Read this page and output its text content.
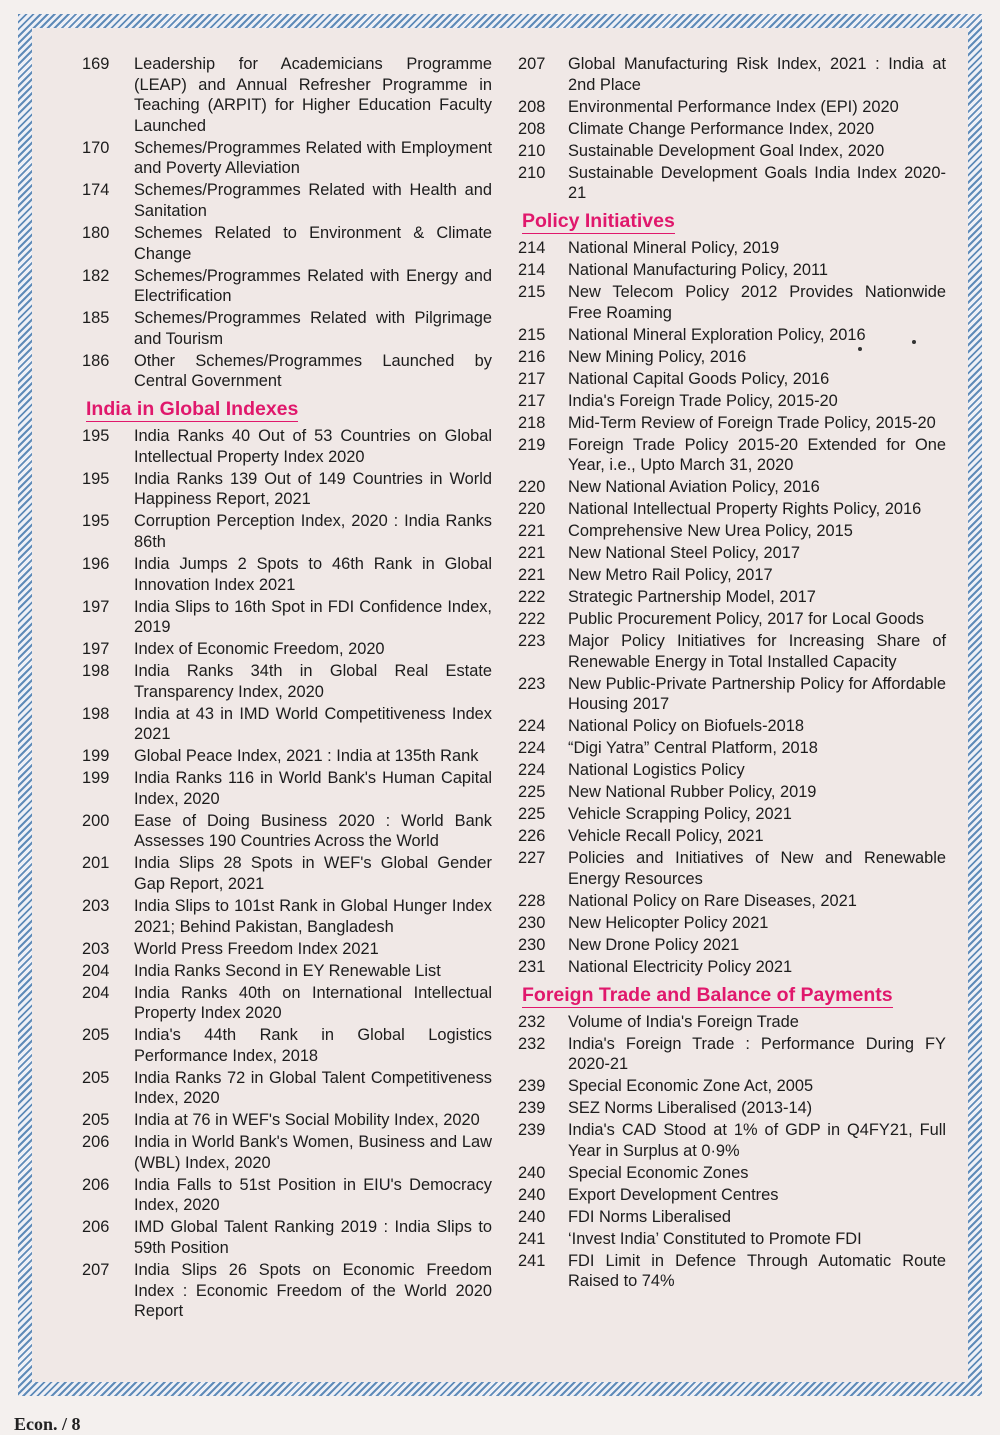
169	Leadership for Academicians Programme (LEAP) and Annual Refresher Programme in Teaching (ARPIT) for Higher Education Faculty Launched
170	Schemes/Programmes Related with Employment and Poverty Alleviation
174	Schemes/Programmes Related with Health and Sanitation
180	Schemes Related to Environment & Climate Change
182	Schemes/Programmes Related with Energy and Electrification
185	Schemes/Programmes Related with Pilgrimage and Tourism
186	Other Schemes/Programmes Launched by Central Government
India in Global Indexes
195	India Ranks 40 Out of 53 Countries on Global Intellectual Property Index 2020
195	India Ranks 139 Out of 149 Countries in World Happiness Report, 2021
195	Corruption Perception Index, 2020 : India Ranks 86th
196	India Jumps 2 Spots to 46th Rank in Global Innovation Index 2021
197	India Slips to 16th Spot in FDI Confidence Index, 2019
197	Index of Economic Freedom, 2020
198	India Ranks 34th in Global Real Estate Transparency Index, 2020
198	India at 43 in IMD World Competitiveness Index 2021
199	Global Peace Index, 2021 : India at 135th Rank
199	India Ranks 116 in World Bank's Human Capital Index, 2020
200	Ease of Doing Business 2020 : World Bank Assesses 190 Countries Across the World
201	India Slips 28 Spots in WEF's Global Gender Gap Report, 2021
203	India Slips to 101st Rank in Global Hunger Index 2021; Behind Pakistan, Bangladesh
203	World Press Freedom Index 2021
204	India Ranks Second in EY Renewable List
204	India Ranks 40th on International Intellectual Property Index 2020
205	India's 44th Rank in Global Logistics Performance Index, 2018
205	India Ranks 72 in Global Talent Competitiveness Index, 2020
205	India at 76 in WEF's Social Mobility Index, 2020
206	India in World Bank's Women, Business and Law (WBL) Index, 2020
206	India Falls to 51st Position in EIU's Democracy Index, 2020
206	IMD Global Talent Ranking 2019 : India Slips to 59th Position
207	India Slips 26 Spots on Economic Freedom Index : Economic Freedom of the World 2020 Report
207	Global Manufacturing Risk Index, 2021 : India at 2nd Place
208	Environmental Performance Index (EPI) 2020
208	Climate Change Performance Index, 2020
210	Sustainable Development Goal Index, 2020
210	Sustainable Development Goals India Index 2020-21
Policy Initiatives
214	National Mineral Policy, 2019
214	National Manufacturing Policy, 2011
215	New Telecom Policy 2012 Provides Nationwide Free Roaming
215	National Mineral Exploration Policy, 2016
216	New Mining Policy, 2016
217	National Capital Goods Policy, 2016
217	India's Foreign Trade Policy, 2015-20
218	Mid-Term Review of Foreign Trade Policy, 2015-20
219	Foreign Trade Policy 2015-20 Extended for One Year, i.e., Upto March 31, 2020
220	New National Aviation Policy, 2016
220	National Intellectual Property Rights Policy, 2016
221	Comprehensive New Urea Policy, 2015
221	New National Steel Policy, 2017
221	New Metro Rail Policy, 2017
222	Strategic Partnership Model, 2017
222	Public Procurement Policy, 2017 for Local Goods
223	Major Policy Initiatives for Increasing Share of Renewable Energy in Total Installed Capacity
223	New Public-Private Partnership Policy for Affordable Housing 2017
224	National Policy on Biofuels-2018
224	“Digi Yatra” Central Platform, 2018
224	National Logistics Policy
225	New National Rubber Policy, 2019
225	Vehicle Scrapping Policy, 2021
226	Vehicle Recall Policy, 2021
227	Policies and Initiatives of New and Renewable Energy Resources
228	National Policy on Rare Diseases, 2021
230	New Helicopter Policy 2021
230	New Drone Policy 2021
231	National Electricity Policy 2021
Foreign Trade and Balance of Payments
232	Volume of India's Foreign Trade
232	India's Foreign Trade : Performance During FY 2020-21
239	Special Economic Zone Act, 2005
239	SEZ Norms Liberalised (2013-14)
239	India's CAD Stood at 1% of GDP in Q4FY21, Full Year in Surplus at 0·9%
240	Special Economic Zones
240	Export Development Centres
240	FDI Norms Liberalised
241	‘Invest India’ Constituted to Promote FDI
241	FDI Limit in Defence Through Automatic Route Raised to 74%
Econ. / 8
